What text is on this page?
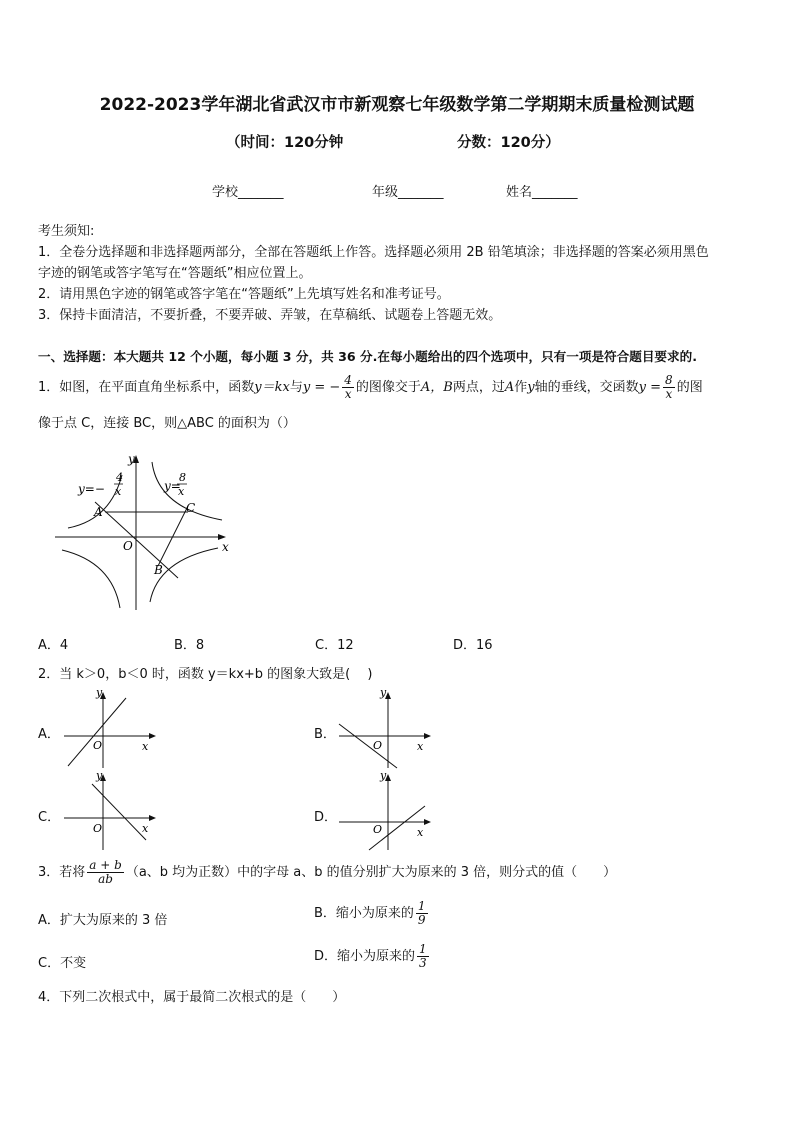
2022-2023学年湖北省武汉市市新观察七年级数学第二学期期末质量检测试题
（时间：120分钟	分数：120分）
学校_______	年级_______	姓名_______
考生须知:
1．全卷分选择题和非选择题两部分，全部在答题纸上作答。选择题必须用 2B 铅笔填涂；非选择题的答案必须用黑色
字迹的钢笔或答字笔写在“答题纸”相应位置上。
2．请用黑色字迹的钢笔或答字笔在“答题纸”上先填写姓名和准考证号。
3．保持卡面清洁，不要折叠，不要弄破、弄皱，在草稿纸、试题卷上答题无效。
一、选择题：本大题共 12 个小题，每小题 3 分，共 36 分.在每小题给出的四个选项中，只有一项是符合题目要求的.
1．如图，在平面直角坐标系中，函数y＝kx与y = − $\frac{4}{x}$ 的图像交于A，B两点，过A作y轴的垂线，交函数$y = \frac{8}{x}$ 的图
像于点 C，连接 BC，则△ABC 的面积为（）
y=−
4
x	y=
8
x
y
x
A
B
C
O
A．4	B．8	C．12	D．16
2．当 k＞0，b＜0 时，函数 y＝kx+b 的图象大致是(　 )
A．
y
x
O
B．
y
x
O
C．
y
x
O
D．
y
x
O
3．若将 $\frac{a + b}{ab} (a$、b 均为正数）中的字母 a、b 的值分别扩大为原来的 3 倍，则分式的值（　　）
A．扩大为原来的 3 倍	B．缩小为原来的 $\frac{1}{9}$
C．不变	D．缩小为原来的 $\frac{1}{3}$
4．下列二次根式中，属于最简二次根式的是（　　）
